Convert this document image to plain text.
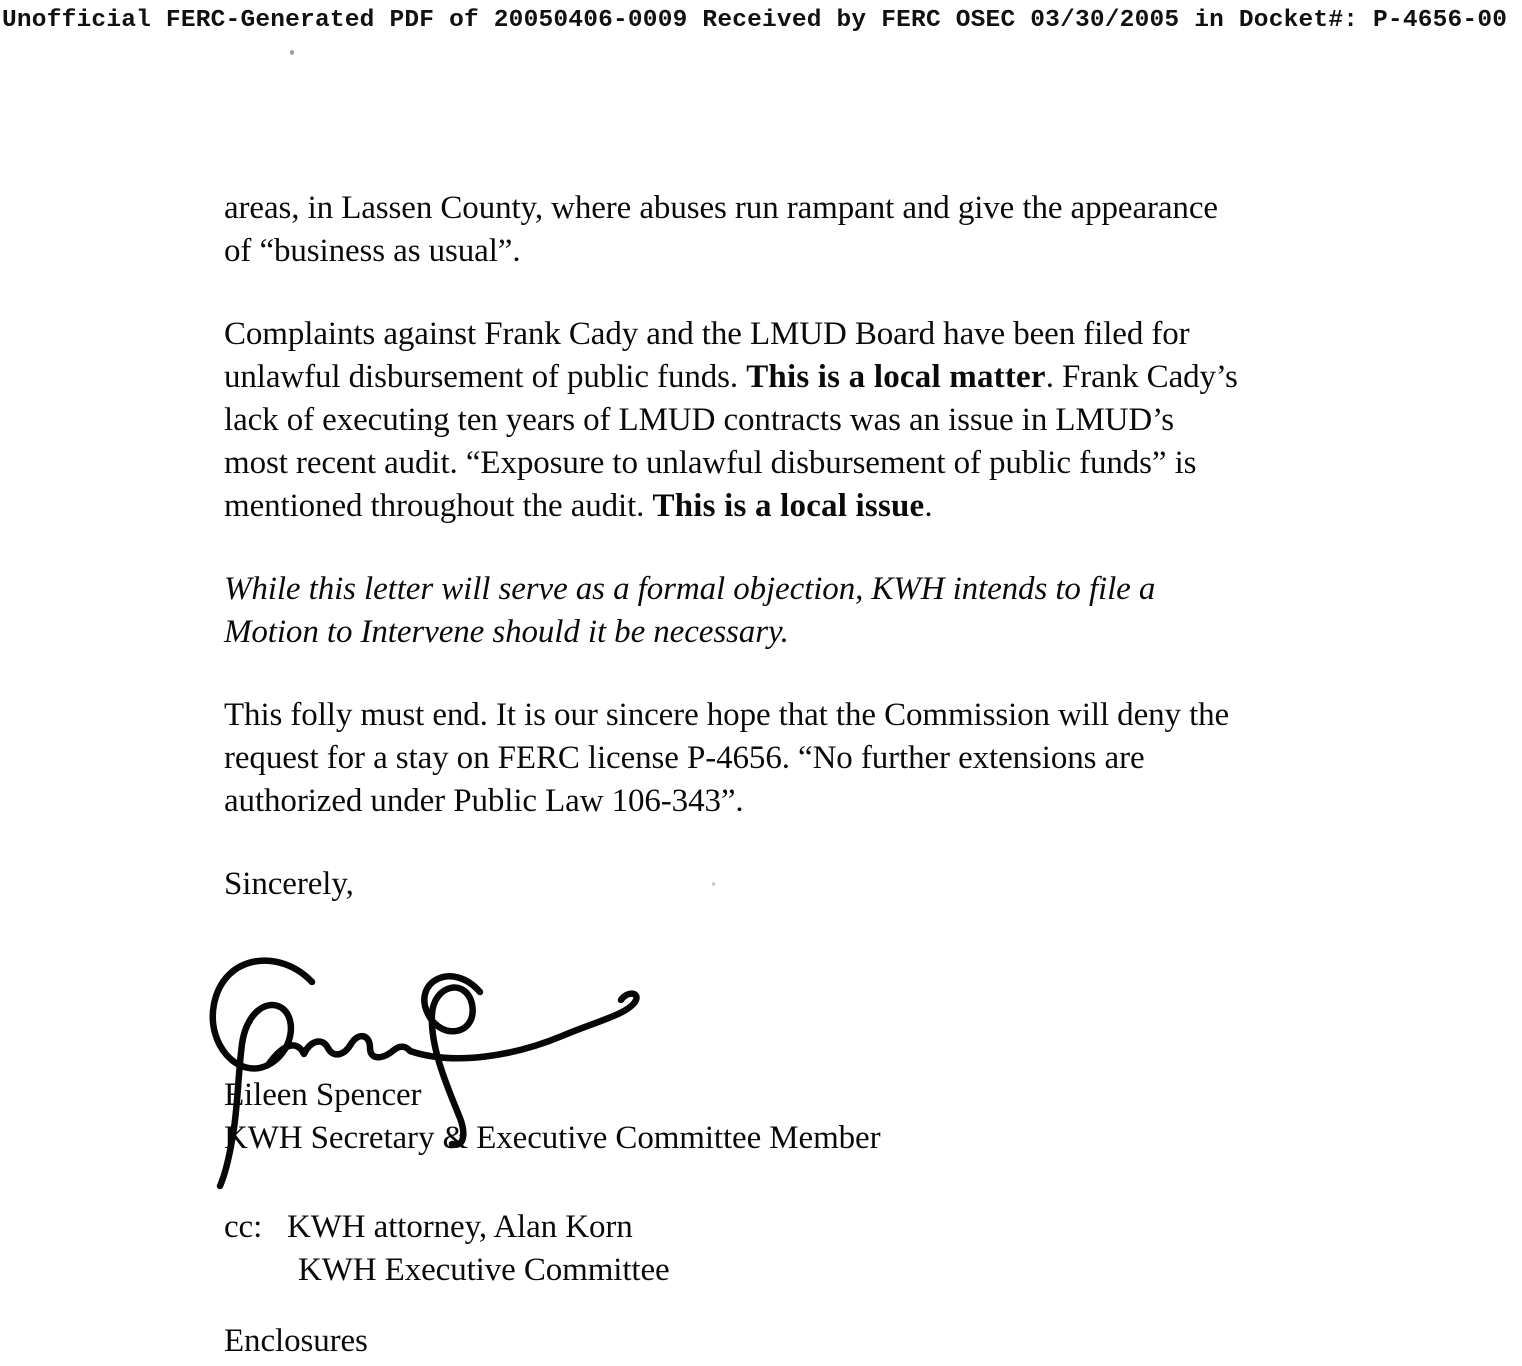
Unofficial FERC-Generated PDF of 20050406-0009 Received by FERC OSEC 03/30/2005 in Docket#: P-4656-00
areas, in Lassen County, where abuses run rampant and give the appearance
of “business as usual”.
Complaints against Frank Cady and the LMUD Board have been filed for
unlawful disbursement of public funds. This is a local matter. Frank Cady’s
lack of executing ten years of LMUD contracts was an issue in LMUD’s
most recent audit. “Exposure to unlawful disbursement of public funds” is
mentioned throughout the audit. This is a local issue.
While this letter will serve as a formal objection, KWH intends to file a
Motion to Intervene should it be necessary.
This folly must end. It is our sincere hope that the Commission will deny the
request for a stay on FERC license P-4656. “No further extensions are
authorized under Public Law 106-343”.
Sincerely,
Eileen Spencer
KWH Secretary & Executive Committee Member
cc: KWH attorney, Alan Korn
KWH Executive Committee
Enclosures
